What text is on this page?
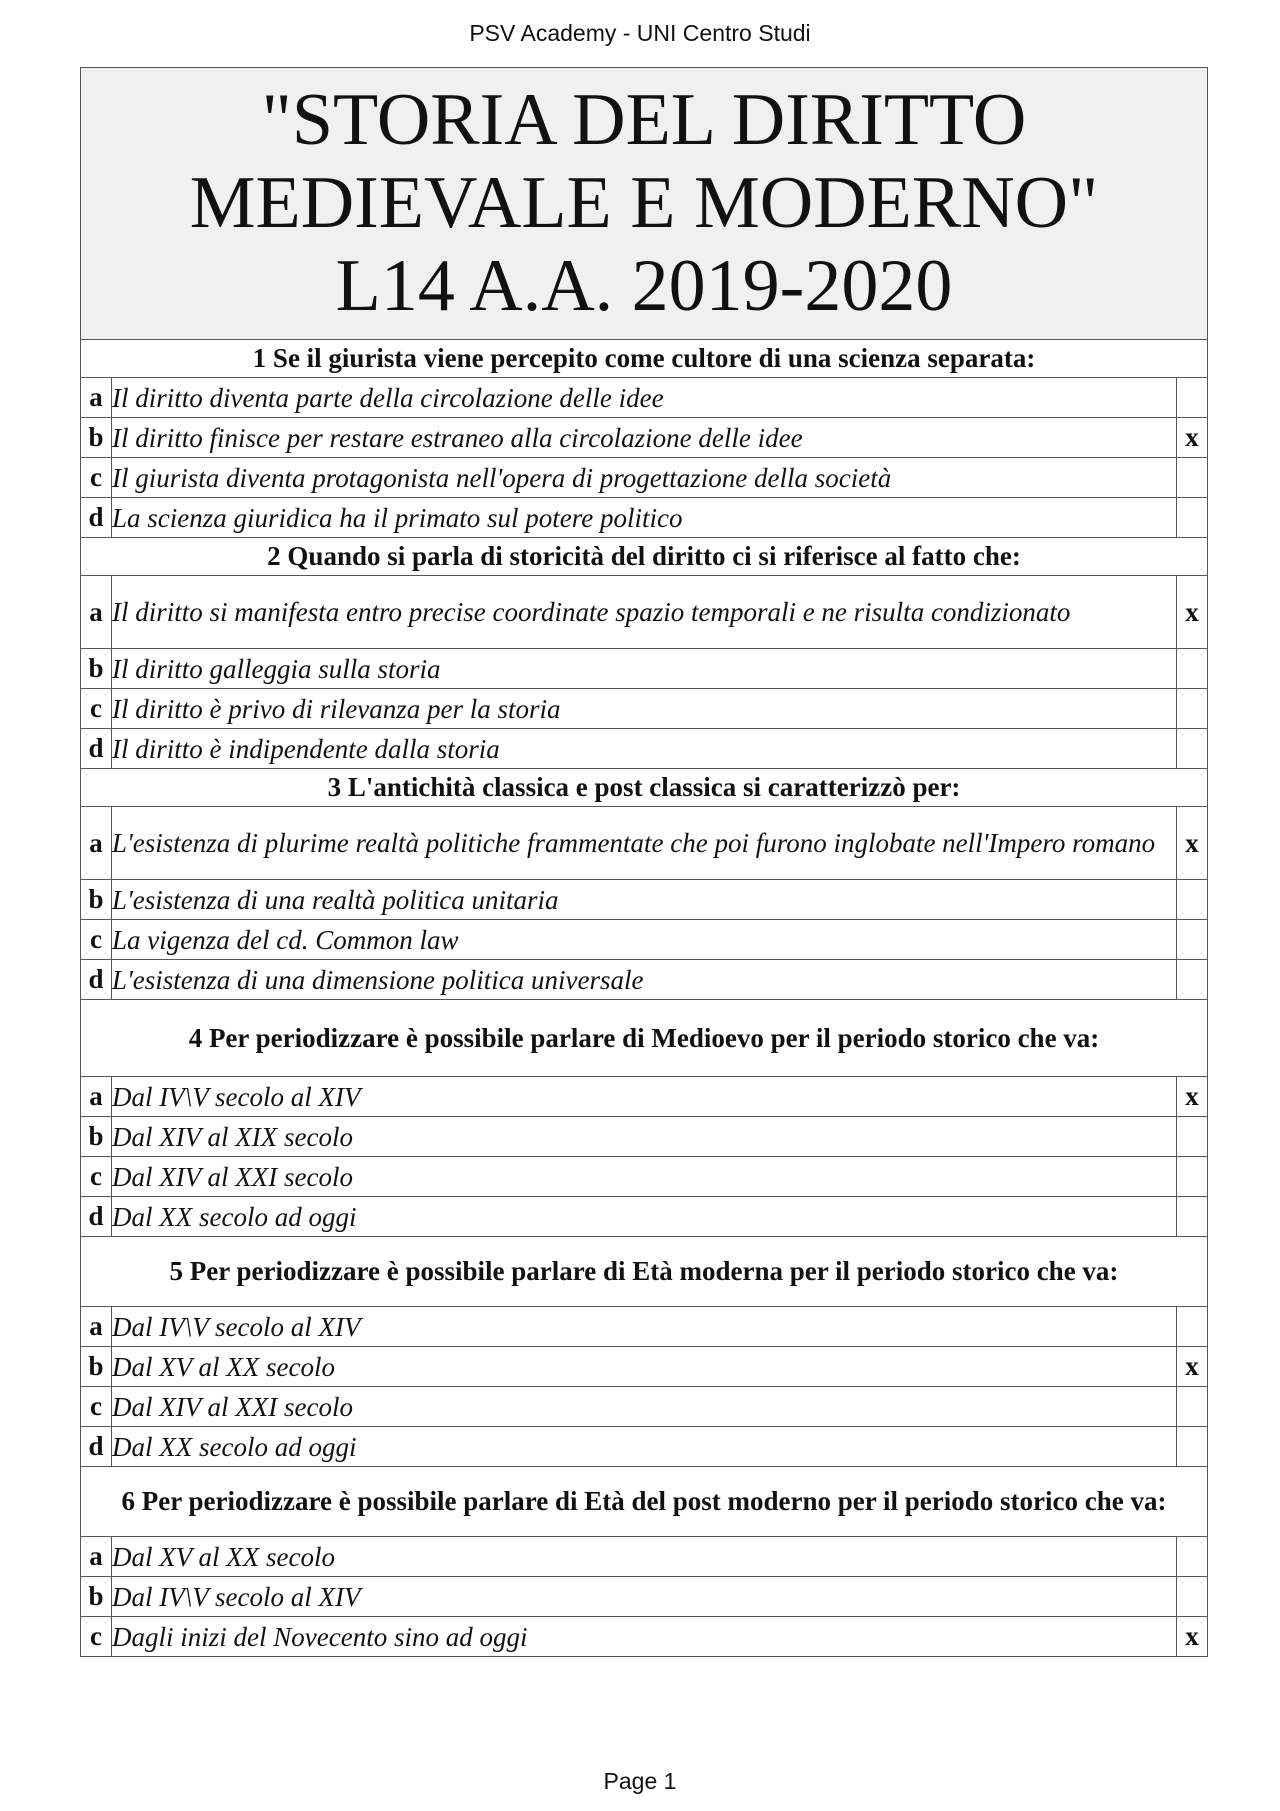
PSV Academy - UNI Centro Studi
"STORIA DEL DIRITTO
MEDIEVALE E MODERNO"
L14 A.A. 2019-2020		

1 Se il giurista viene percepito come cultore di una scienza separata:		
a	Il diritto diventa parte della circolazione delle idee	
b	Il diritto finisce per restare estraneo alla circolazione delle idee	x
c	Il giurista diventa protagonista nell'opera di progettazione della società	
d	La scienza giuridica ha il primato sul potere politico	
2 Quando si parla di storicità del diritto ci si riferisce al fatto che:		
a	Il diritto si manifesta entro precise coordinate spazio temporali e ne risulta condizionato	x
b	Il diritto galleggia sulla storia	
c	Il diritto è privo di rilevanza per la storia	
d	Il diritto è indipendente dalla storia	
3 L'antichità classica e post classica si caratterizzò per:		
a	L'esistenza di plurime realtà politiche frammentate che poi furono inglobate nell'Impero romano	x
b	L'esistenza di una realtà politica unitaria	
c	La vigenza del cd. Common law	
d	L'esistenza di una dimensione politica universale	
4 Per periodizzare è possibile parlare di Medioevo per il periodo storico che va:		
a	Dal IV\V secolo al XIV	x
b	Dal XIV al XIX secolo	
c	Dal XIV al XXI secolo	
d	Dal XX secolo ad oggi	
5 Per periodizzare è possibile parlare di Età moderna per il periodo storico che va:		
a	Dal IV\V secolo al XIV	
b	Dal XV al XX secolo	x
c	Dal XIV al XXI secolo	
d	Dal XX secolo ad oggi	
6 Per periodizzare è possibile parlare di Età del post moderno per il periodo storico che va:		
a	Dal XV al XX secolo	
b	Dal IV\V secolo al XIV	
c	Dagli inizi del Novecento sino ad oggi	x
Page 1
